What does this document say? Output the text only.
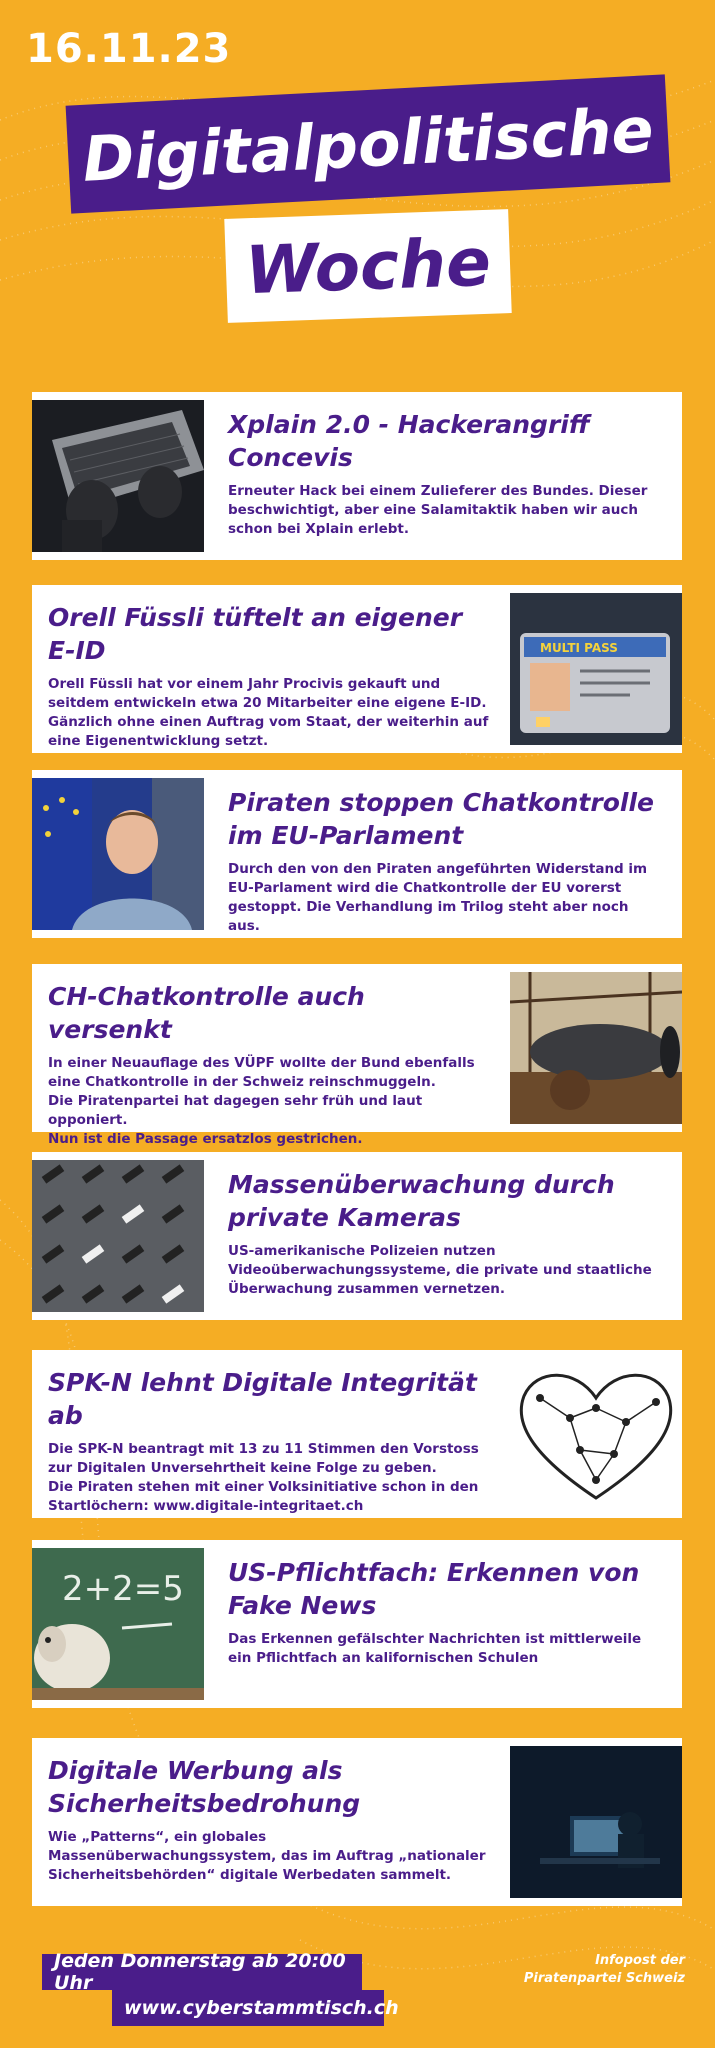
16.11.23
Digitalpolitische
Woche
Xplain 2.0 - Hackerangriff Concevis

Erneuter Hack bei einem Zulieferer des Bundes. Dieser beschwichtigt, aber eine Salamitaktik haben wir auch schon bei Xplain erlebt.

Orell Füssli tüftelt an eigener E-ID

Orell Füssli hat vor einem Jahr Procivis gekauft und seitdem entwickeln etwa 20 Mitarbeiter eine eigene E-ID. Gänzlich ohne einen Auftrag vom Staat, der weiterhin auf eine Eigenentwicklung setzt.

MULTI PASS
Piraten stoppen Chatkontrolle im EU-Parlament

Durch den von den Piraten angeführten Widerstand im EU-Parlament wird die Chatkontrolle der EU vorerst gestoppt. Die Verhandlung im Trilog steht aber noch aus.

CH-Chatkontrolle auch versenkt

In einer Neuauflage des VÜPF wollte der Bund ebenfalls eine Chatkontrolle in der Schweiz reinschmuggeln.
Die Piratenpartei hat dagegen sehr früh und laut opponiert.
Nun ist die Passage ersatzlos gestrichen.

Massenüberwachung durch private Kameras

US-amerikanische Polizeien nutzen Videoüberwachungssysteme, die private und staatliche Überwachung zusammen vernetzen.

SPK-N lehnt Digitale Integrität ab

Die SPK-N beantragt mit 13 zu 11 Stimmen den Vorstoss zur Digitalen Unversehrtheit keine Folge zu geben.
Die Piraten stehen mit einer Volksinitiative schon in den Startlöchern: www.digitale-integritaet.ch

2+2=5 US-Pflichtfach: Erkennen von Fake News

Das Erkennen gefälschter Nachrichten ist mittlerweile ein Pflichtfach an kalifornischen Schulen

Digitale Werbung als Sicherheitsbedrohung

Wie „Patterns“, ein globales Massenüberwachungssystem, das im Auftrag „nationaler Sicherheitsbehörden“ digitale Werbedaten sammelt.

Jeden Donnerstag ab 20:00 Uhr
www.cyberstammtisch.ch
Infopost der
Piratenpartei Schweiz
